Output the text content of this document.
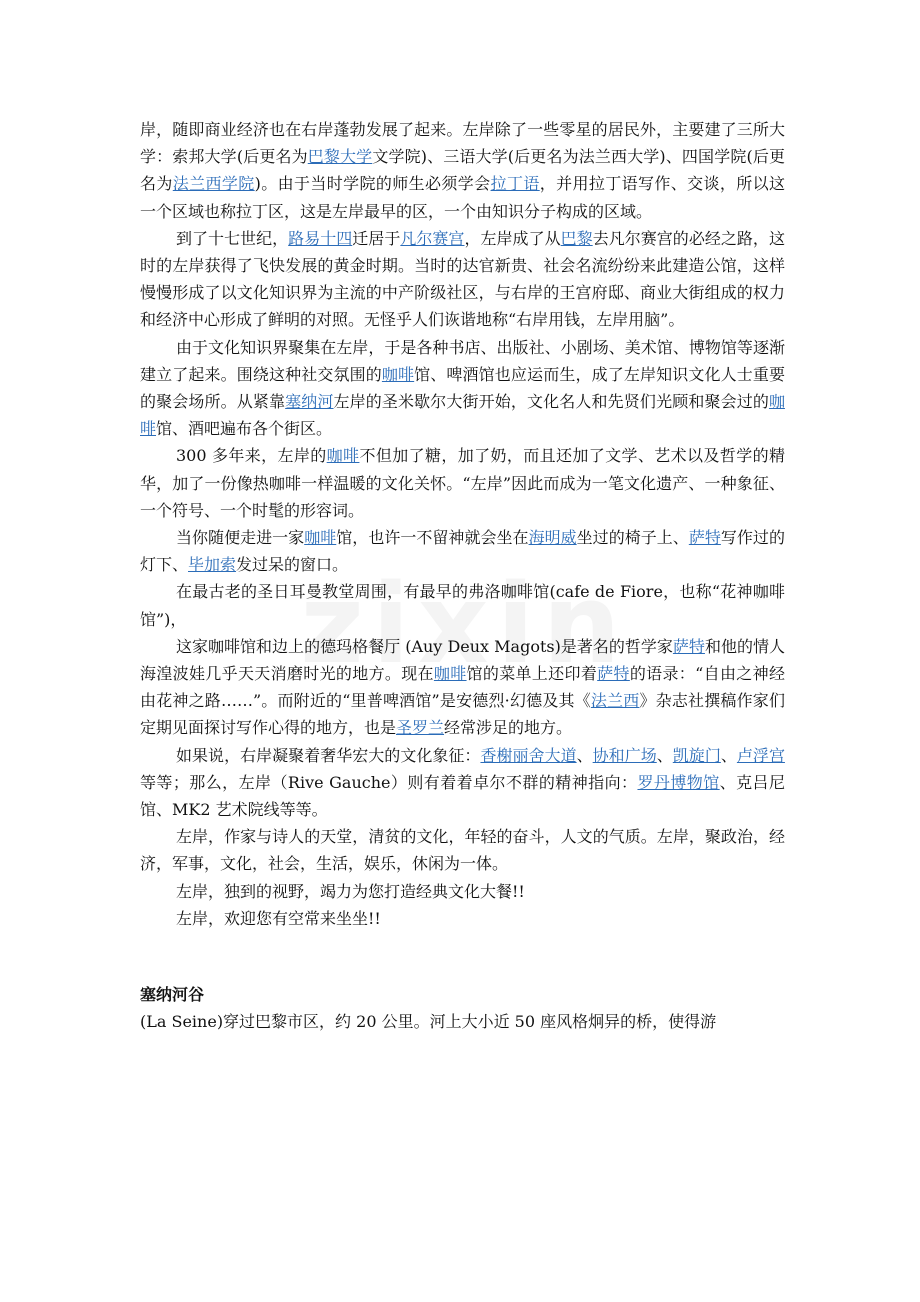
岸，随即商业经济也在右岸蓬勃发展了起来。左岸除了一些零星的居民外，主要建了三所大学：索邦大学(后更名为巴黎大学文学院)、三语大学(后更名为法兰西大学)、四国学院(后更名为法兰西学院)。由于当时学院的师生必须学会拉丁语，并用拉丁语写作、交谈，所以这一个区域也称拉丁区，这是左岸最早的区，一个由知识分子构成的区域。

到了十七世纪，路易十四迁居于凡尔赛宫，左岸成了从巴黎去凡尔赛宫的必经之路，这时的左岸获得了飞快发展的黄金时期。当时的达官新贵、社会名流纷纷来此建造公馆，这样慢慢形成了以文化知识界为主流的中产阶级社区，与右岸的王宫府邸、商业大街组成的权力和经济中心形成了鲜明的对照。无怪乎人们诙谐地称“右岸用钱，左岸用脑”。

由于文化知识界聚集在左岸，于是各种书店、出版社、小剧场、美术馆、博物馆等逐渐建立了起来。围绕这种社交氛围的咖啡馆、啤酒馆也应运而生，成了左岸知识文化人士重要的聚会场所。从紧靠塞纳河左岸的圣米歇尔大街开始，文化名人和先贤们光顾和聚会过的咖啡馆、酒吧遍布各个街区。

300 多年来，左岸的咖啡不但加了糖，加了奶，而且还加了文学、艺术以及哲学的精华，加了一份像热咖啡一样温暖的文化关怀。“左岸”因此而成为一笔文化遗产、一种象征、一个符号、一个时髦的形容词。

当你随便走进一家咖啡馆，也许一不留神就会坐在海明威坐过的椅子上、萨特写作过的灯下、毕加索发过呆的窗口。

在最古老的圣日耳曼教堂周围，有最早的弗洛咖啡馆(cafe de Fiore，也称“花神咖啡馆”)，

这家咖啡馆和边上的德玛格餐厅 (Auy Deux Magots)是著名的哲学家萨特和他的情人海湟波娃几乎天天消磨时光的地方。现在咖啡馆的菜单上还印着萨特的语录：“自由之神经由花神之路……”。而附近的“里普啤酒馆”是安德烈·幻德及其《法兰西》杂志社撰稿作家们定期见面探讨写作心得的地方，也是圣罗兰经常涉足的地方。

如果说，右岸凝聚着奢华宏大的文化象征：香榭丽舍大道、协和广场、凯旋门、卢浮宫等等；那么，左岸（Rive Gauche）则有着着卓尔不群的精神指向：罗丹博物馆、克吕尼馆、MK2 艺术院线等等。

左岸，作家与诗人的天堂，清贫的文化，年轻的奋斗，人文的气质。左岸，聚政治，经济，军事，文化，社会，生活，娱乐，休闲为一体。

左岸，独到的视野，竭力为您打造经典文化大餐!!

左岸，欢迎您有空常来坐坐!!

塞纳河谷

(La Seine)穿过巴黎市区，约 20 公里。河上大小近 50 座风格炯异的桥，使得游
